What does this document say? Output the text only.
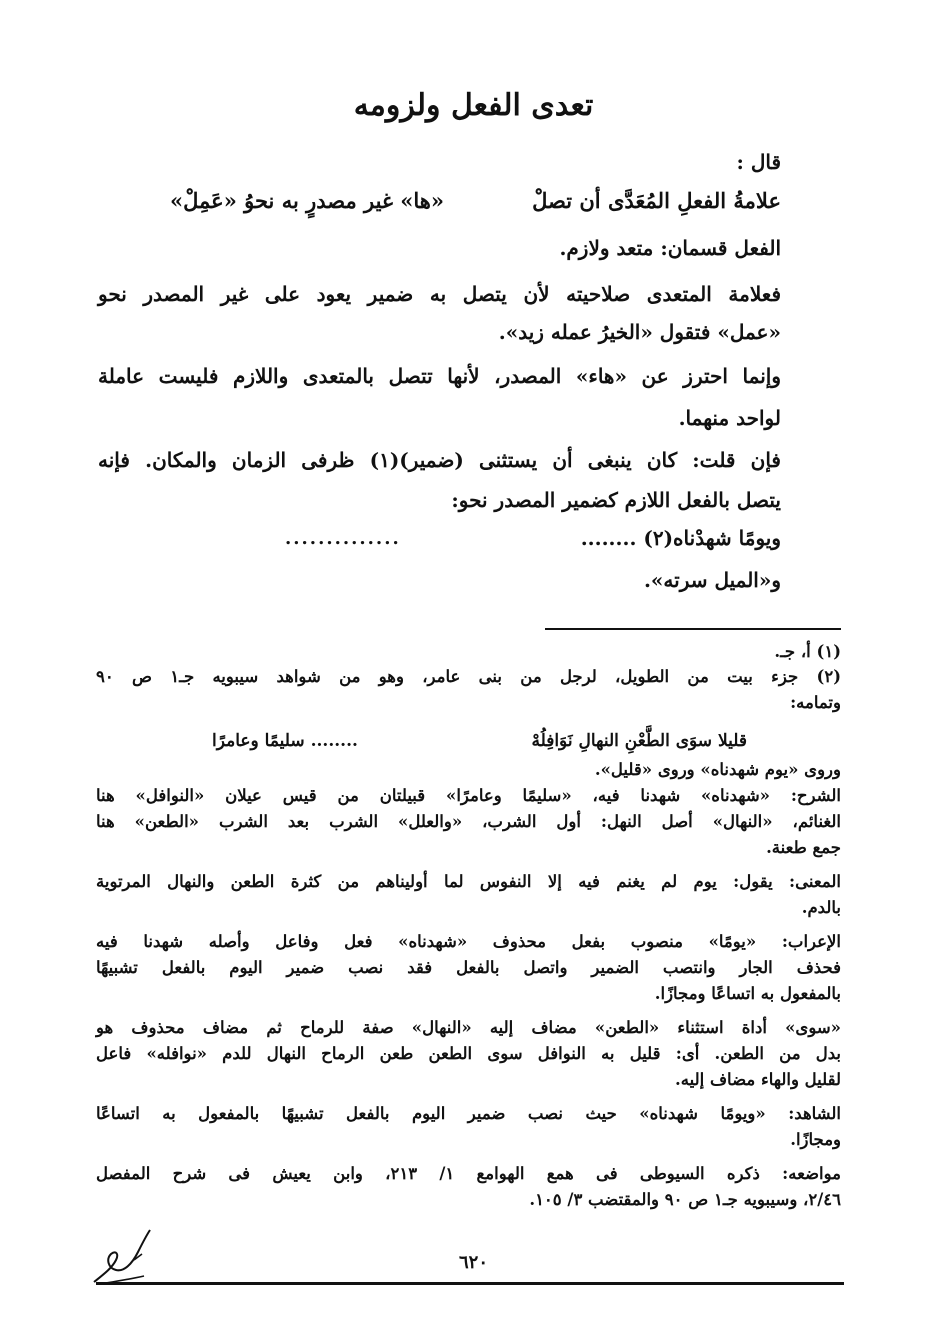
تعدى الفعل ولزومه

قال :

علامةُ الفعلِ المُعَدَّى أن تصلْ
«ها» غير مصدرٍ به نحوُ «عَمِلْ»

الفعل قسمان: متعد ولازم.

فعلامة المتعدى صلاحيته لأن يتصل به ضمير يعود على غير المصدر نحو

«عمل» فتقول «الخيرُ عمله زيد».

وإنما احترز عن «هاء» المصدر، لأنها تتصل بالمتعدى واللازم فليست عاملة

لواحد منهما.

فإن قلت: كان ينبغى أن يستثنى (ضمير)(١) ظرفى الزمان والمكان. فإنه

يتصل بالفعل اللازم كضمير المصدر نحو:

ويومًا شهدْناه(٢) ........

..............

و«الميل سرته».

(١) أ، جـ.

(٢) جزء بيت من الطويل، لرجل من بنى عامر، وهو من شواهد سيبويه جـ١ ص ٩٠

وتمامه:

........ سليمًا وعامرًا	قليلا سوَى الطَّعْنِ النهالِ نَوَافِلُهْ

وروى «يوم شهدناه» وروى «قليل».

الشرح: «شهدناه» شهدنا فيه، «سليمًا وعامرًا» قبيلتان من قيس عيلان «النوافل» هنا

الغنائم، «النهال» أصل النهل: أول الشرب، «والعلل» الشرب بعد الشرب «الطعن» هنا

جمع طعنة.

المعنى: يقول: يوم لم يغنم فيه إلا النفوس لما أوليناهم من كثرة الطعن والنهال المرتوية

بالدم.

الإعراب: «يومًا» منصوب بفعل محذوف «شهدناه» فعل وفاعل وأصله شهدنا فيه

فحذف الجار وانتصب الضمير واتصل بالفعل فقد نصب ضمير اليوم بالفعل تشبيهًا

بالمفعول به اتساعًا ومجازًا.

«سوى» أداة استثناء «الطعن» مضاف إليه «النهال» صفة للرماح ثم مضاف محذوف هو

بدل من الطعن. أى: قليل به النوافل سوى الطعن طعن الرماح النهال للدم «نوافله» فاعل

لقليل والهاء مضاف إليه.

الشاهد: «ويومًا شهدناه» حيث نصب ضمير اليوم بالفعل تشبيهًا بالمفعول به اتساعًا

ومجازًا.

مواضعه: ذكره السيوطى فى همع الهوامع ١/ ٢١٣، وابن يعيش فى شرح المفصل

٢/٤٦، وسيبويه جـ١ ص ٩٠ والمقتضب ٣/ ١٠٥.

٦٢٠
